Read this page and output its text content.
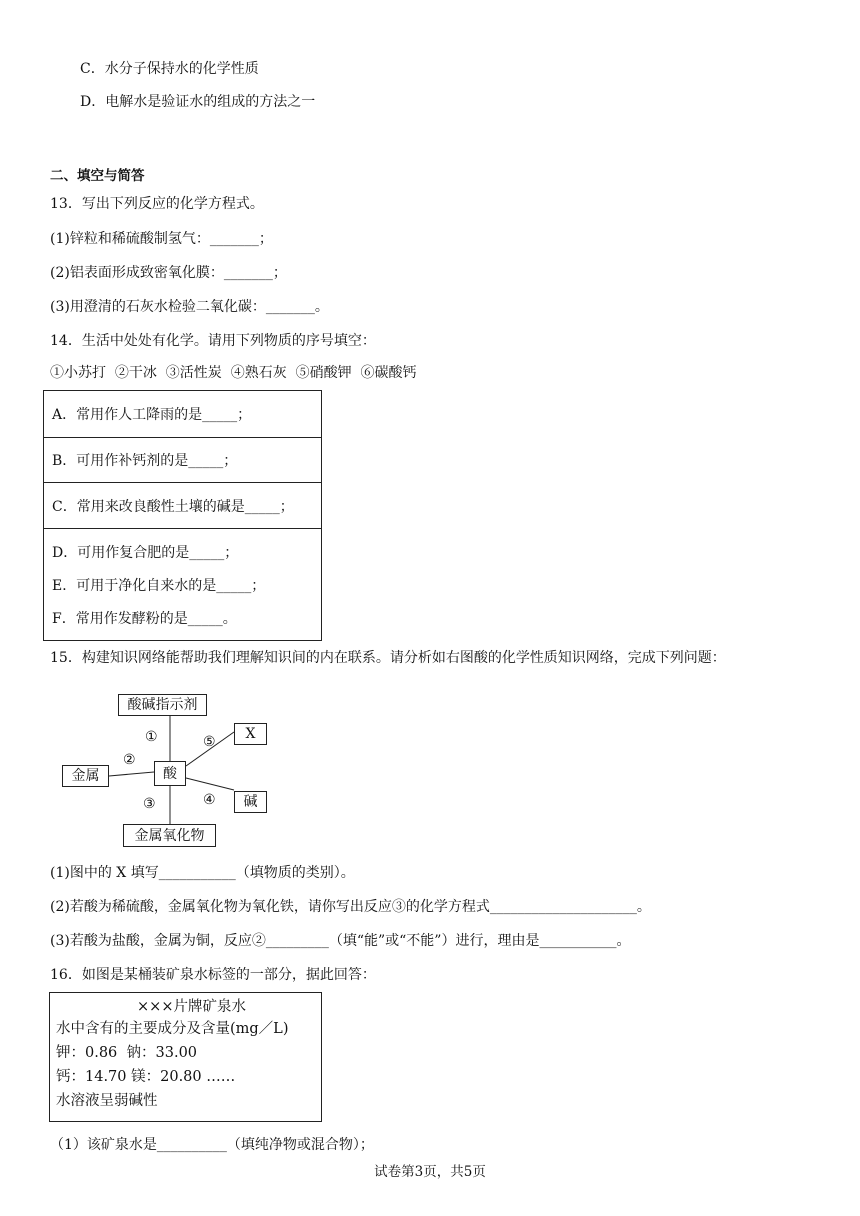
C．水分子保持水的化学性质
D．电解水是验证水的组成的方法之一
二、填空与简答
13．写出下列反应的化学方程式。
(1)锌粒和稀硫酸制氢气：_______；
(2)铝表面形成致密氧化膜：_______；
(3)用澄清的石灰水检验二氧化碳：_______。
14．生活中处处有化学。请用下列物质的序号填空：
①小苏打  ②干冰  ③活性炭  ④熟石灰  ⑤硝酸钾  ⑥碳酸钙
A．常用作人工降雨的是_____；
B．可用作补钙剂的是_____；
C．常用来改良酸性土壤的碱是_____；
D．可用作复合肥的是_____；
E．可用于净化自来水的是_____；
F．常用作发酵粉的是_____。
15．构建知识网络能帮助我们理解知识间的内在联系。请分析如右图酸的化学性质知识网络，完成下列问题：
酸碱指示剂
X
金属	酸
碱
金属氧化物
①
②
⑤
④
③
(1)图中的 X 填写___________（填物质的类别）。
(2)若酸为稀硫酸，金属氧化物为氧化铁，请你写出反应③的化学方程式_____________________。
(3)若酸为盐酸，金属为铜，反应②_________（填“能”或“不能”）进行，理由是___________。
16．如图是某桶装矿泉水标签的一部分，据此回答：
×××片牌矿泉水
水中含有的主要成分及含量(mg／L)
钾：0.86  钠：33.00
钙：14.70 镁：20.80 ……
水溶液呈弱碱性
（1）该矿泉水是__________（填纯净物或混合物）；
试卷第3页，共5页
